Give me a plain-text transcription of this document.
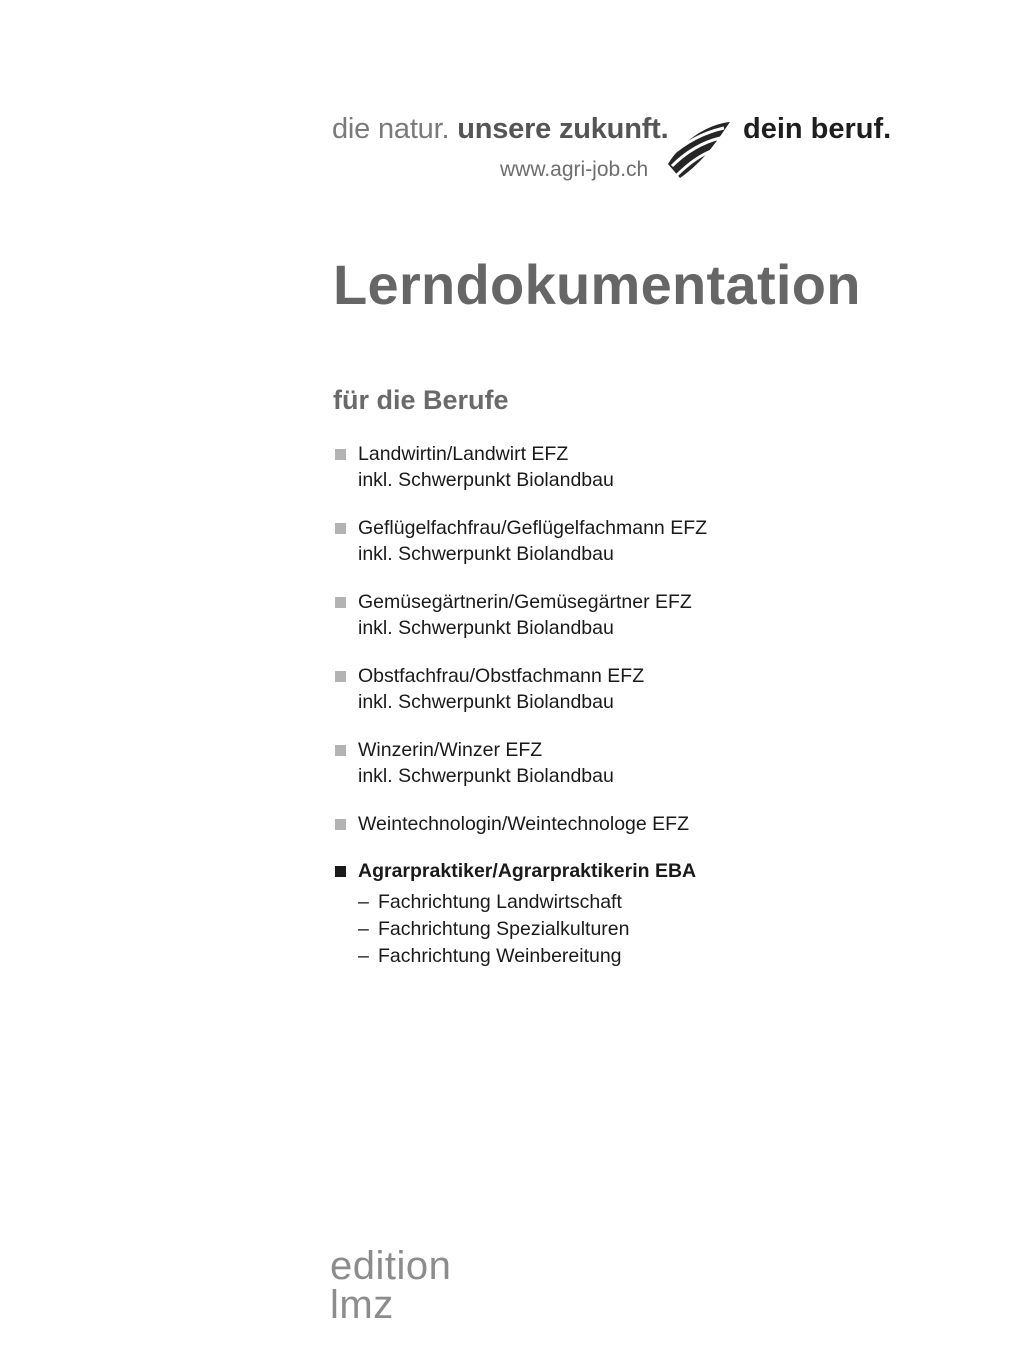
die natur. unsere zukunft.
www.agri-job.ch
dein beruf.
Lerndokumentation
für die Berufe
Landwirtin/Landwirt EFZ
inkl. Schwerpunkt Biolandbau
Geflügelfachfrau/Geflügelfachmann EFZ
inkl. Schwerpunkt Biolandbau
Gemüsegärtnerin/Gemüsegärtner EFZ
inkl. Schwerpunkt Biolandbau
Obstfachfrau/Obstfachmann EFZ
inkl. Schwerpunkt Biolandbau
Winzerin/Winzer EFZ
inkl. Schwerpunkt Biolandbau
Weintechnologin/Weintechnologe EFZ
Agrarpraktiker/Agrarpraktikerin EBA
– Fachrichtung Landwirtschaft
– Fachrichtung Spezialkulturen
– Fachrichtung Weinbereitung
edition
lmz
